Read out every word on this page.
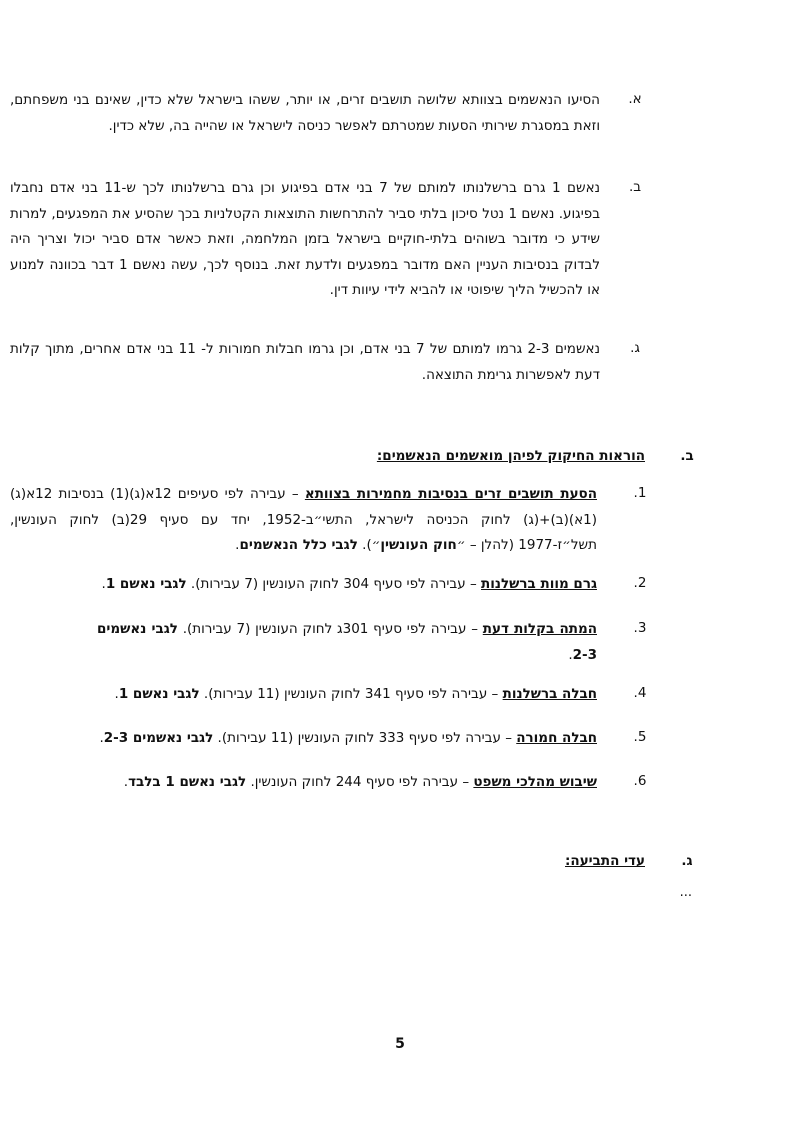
א.
הסיעו הנאשמים בצוותא שלושה תושבים זרים, או יותר, ששהו בישראל שלא כדין, שאינם בני משפחתם, וזאת במסגרת שירותי הסעות שמטרתם לאפשר כניסה לישראל או שהייה בה, שלא כדין.
ב.
נאשם 1 גרם ברשלנותו למותם של 7 בני אדם בפיגוע וכן גרם ברשלנותו לכך ש-11 בני אדם נחבלו בפיגוע. נאשם 1 נטל סיכון בלתי סביר להתרחשות התוצאות הקטלניות בכך שהסיע את המפגעים, למרות שידע כי מדובר בשוהים בלתי-חוקיים בישראל בזמן המלחמה, וזאת כאשר אדם סביר יכול וצריך היה לבדוק בנסיבות העניין האם מדובר במפגעים ולדעת זאת. בנוסף לכך, עשה נאשם 1 דבר בכוונה למנוע או להכשיל הליך שיפוטי או להביא לידי עיוות דין.
ג.
נאשמים 2-3 גרמו למותם של 7 בני אדם, וכן גרמו חבלות חמורות ל- 11 בני אדם אחרים, מתוך קלות דעת לאפשרות גרימת התוצאה.
ב.
הוראות החיקוק לפיהן מואשמים הנאשמים:
1.
הסעת תושבים זרים בנסיבות מחמירות בצוותא – עבירה לפי סעיפים 12א(ג)(1) בנסיבות 12א(ג)(1א)(ב)+(ג) לחוק הכניסה לישראל, התשי״ב-1952, יחד עם סעיף 29(ב) לחוק העונשין, תשל״ז-1977 (להלן – ״חוק העונשין״). לגבי כלל הנאשמים.
2.
גרם מוות ברשלנות – עבירה לפי סעיף 304 לחוק העונשין (7 עבירות). לגבי נאשם 1.
3.
המתה בקלות דעת – עבירה לפי סעיף 301ג לחוק העונשין (7 עבירות). לגבי נאשמים 2-3.
4.
חבלה ברשלנות – עבירה לפי סעיף 341 לחוק העונשין (11 עבירות). לגבי נאשם 1.
5.
חבלה חמורה – עבירה לפי סעיף 333 לחוק העונשין (11 עבירות). לגבי נאשמים 2-3.
6.
שיבוש מהלכי משפט – עבירה לפי סעיף 244 לחוק העונשין. לגבי נאשם 1 בלבד.
ג.
עדי התביעה:
...
5
